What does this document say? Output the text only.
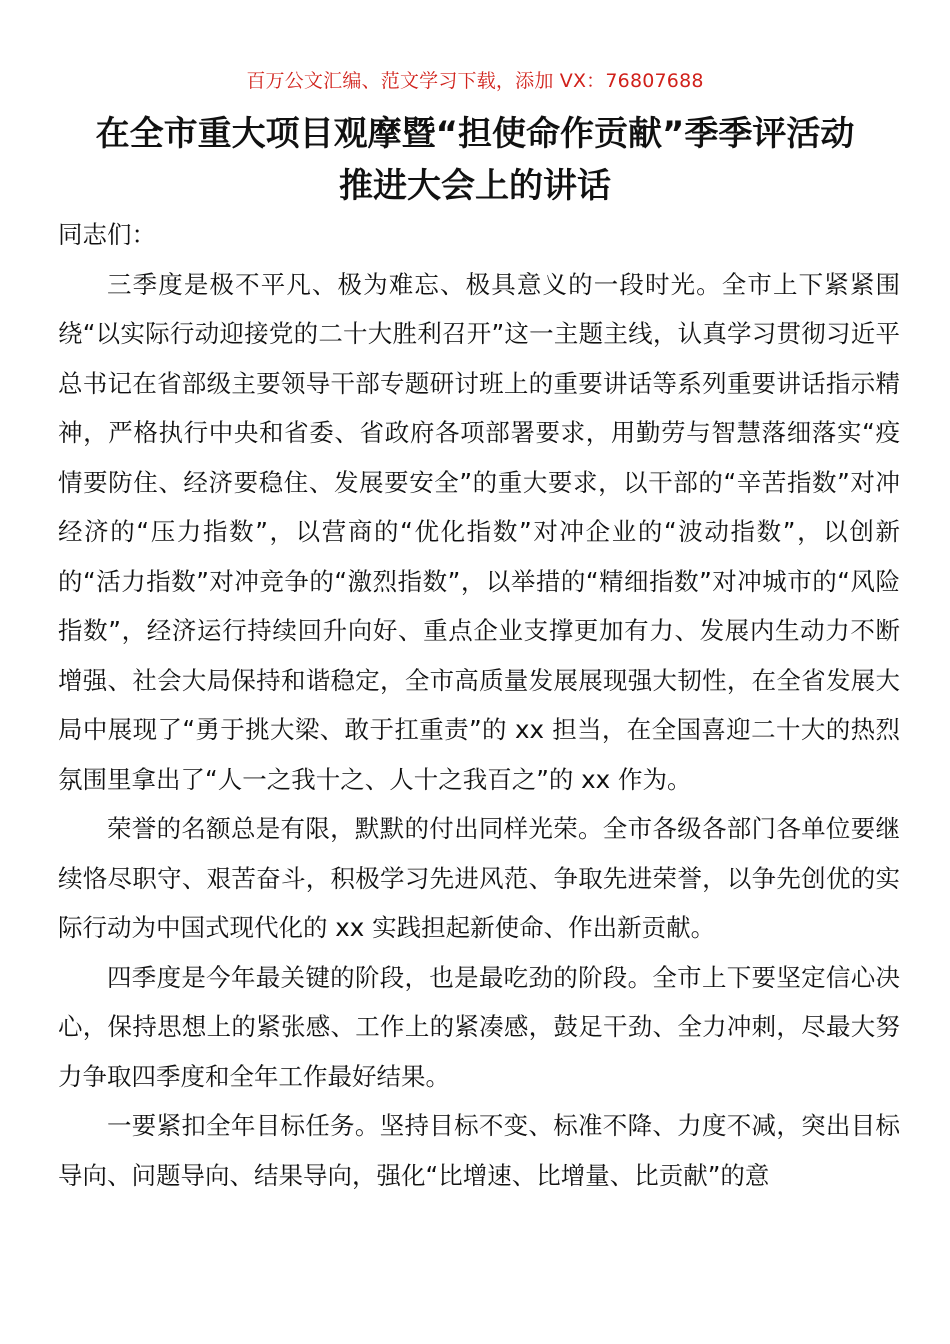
百万公文汇编、范文学习下载，添加 VX：76807688
在全市重大项目观摩暨“担使命作贡献”季季评活动
推进大会上的讲话

同志们：

三季度是极不平凡、极为难忘、极具意义的一段时光。全市上下紧紧围绕“以实际行动迎接党的二十大胜利召开”这一主题主线，认真学习贯彻习近平总书记在省部级主要领导干部专题研讨班上的重要讲话等系列重要讲话指示精神，严格执行中央和省委、省政府各项部署要求，用勤劳与智慧落细落实“疫情要防住、经济要稳住、发展要安全”的重大要求，以干部的“辛苦指数”对冲经济的“压力指数”，以营商的“优化指数”对冲企业的“波动指数”，以创新的“活力指数”对冲竞争的“激烈指数”，以举措的“精细指数”对冲城市的“风险指数”，经济运行持续回升向好、重点企业支撑更加有力、发展内生动力不断增强、社会大局保持和谐稳定，全市高质量发展展现强大韧性，在全省发展大局中展现了“勇于挑大梁、敢于扛重责”的 xx 担当，在全国喜迎二十大的热烈氛围里拿出了“人一之我十之、人十之我百之”的 xx 作为。

荣誉的名额总是有限，默默的付出同样光荣。全市各级各部门各单位要继续恪尽职守、艰苦奋斗，积极学习先进风范、争取先进荣誉，以争先创优的实际行动为中国式现代化的 xx 实践担起新使命、作出新贡献。

四季度是今年最关键的阶段，也是最吃劲的阶段。全市上下要坚定信心决心，保持思想上的紧张感、工作上的紧凑感，鼓足干劲、全力冲刺，尽最大努力争取四季度和全年工作最好结果。

一要紧扣全年目标任务。坚持目标不变、标准不降、力度不减，突出目标导向、问题导向、结果导向，强化“比增速、比增量、比贡献”的意
